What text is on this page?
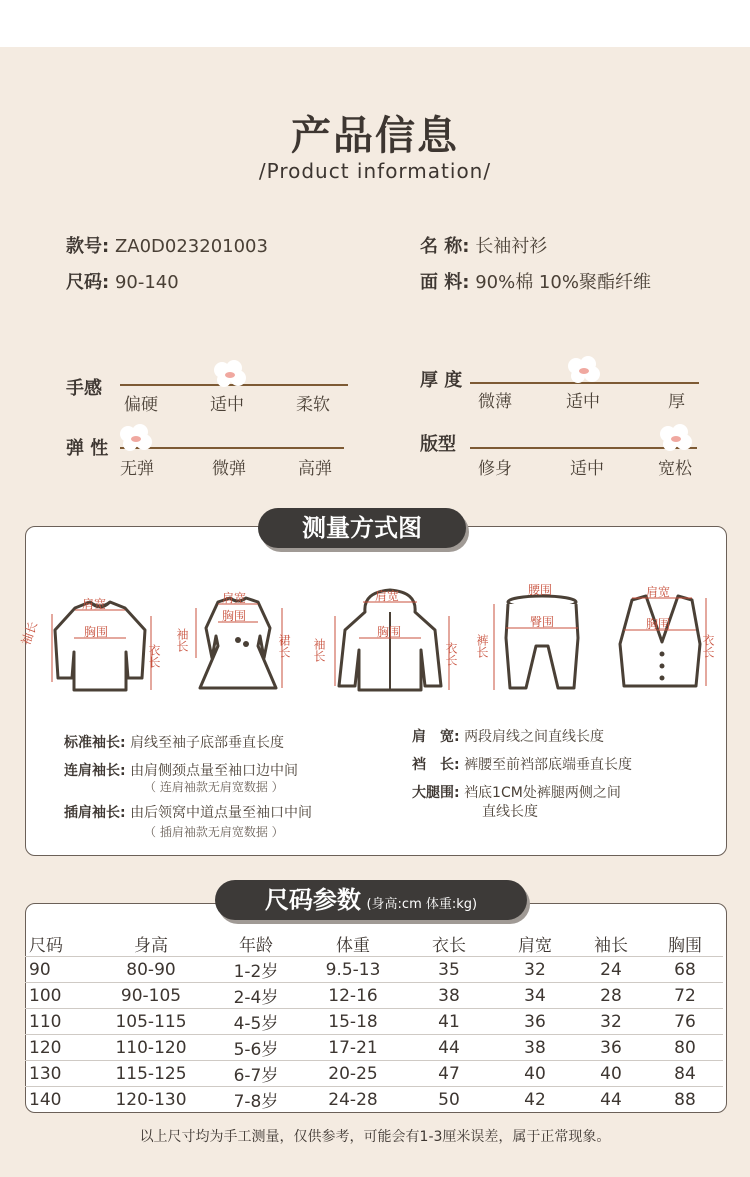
产品信息
/Product information/
款号: ZA0D023201003
尺码: 90-140
名 称: 长袖衬衫
面 料: 90%棉 10%聚酯纤维
手感
偏硬	适中	柔软
弹 性
无弹	微弹	高弹
厚 度
微薄	适中	厚
版型
修身	适中	宽松
测量方式图
肩宽
胸围
袖长
衣长
肩宽
胸围
袖长	裙长
肩宽
胸围
袖长	衣长
腰围
臀围
裤长
肩宽
胸围
衣长
标准袖长: 肩线至袖子底部垂直长度
连肩袖长: 由肩侧颈点量至袖口边中间
（ 连肩袖款无肩宽数据 ）
插肩袖长: 由后领窝中道点量至袖口中间
（ 插肩袖款无肩宽数据 ）
肩　宽: 两段肩线之间直线长度
裆　长: 裤腰至前裆部底端垂直长度
大腿围: 裆底1CM处裤腿两侧之间
直线长度
尺码参数 (身高:cm 体重:kg)
尺码	身高	年龄	体重	衣长	肩宽	袖长	胸围
90	80-90	1-2岁	9.5-13	35	32	24	68
100	90-105	2-4岁	12-16	38	34	28	72
110	105-115	4-5岁	15-18	41	36	32	76
120	110-120	5-6岁	17-21	44	38	36	80
130	115-125	6-7岁	20-25	47	40	40	84
140	120-130	7-8岁	24-28	50	42	44	88
以上尺寸均为手工测量，仅供参考，可能会有1-3厘米误差，属于正常现象。
